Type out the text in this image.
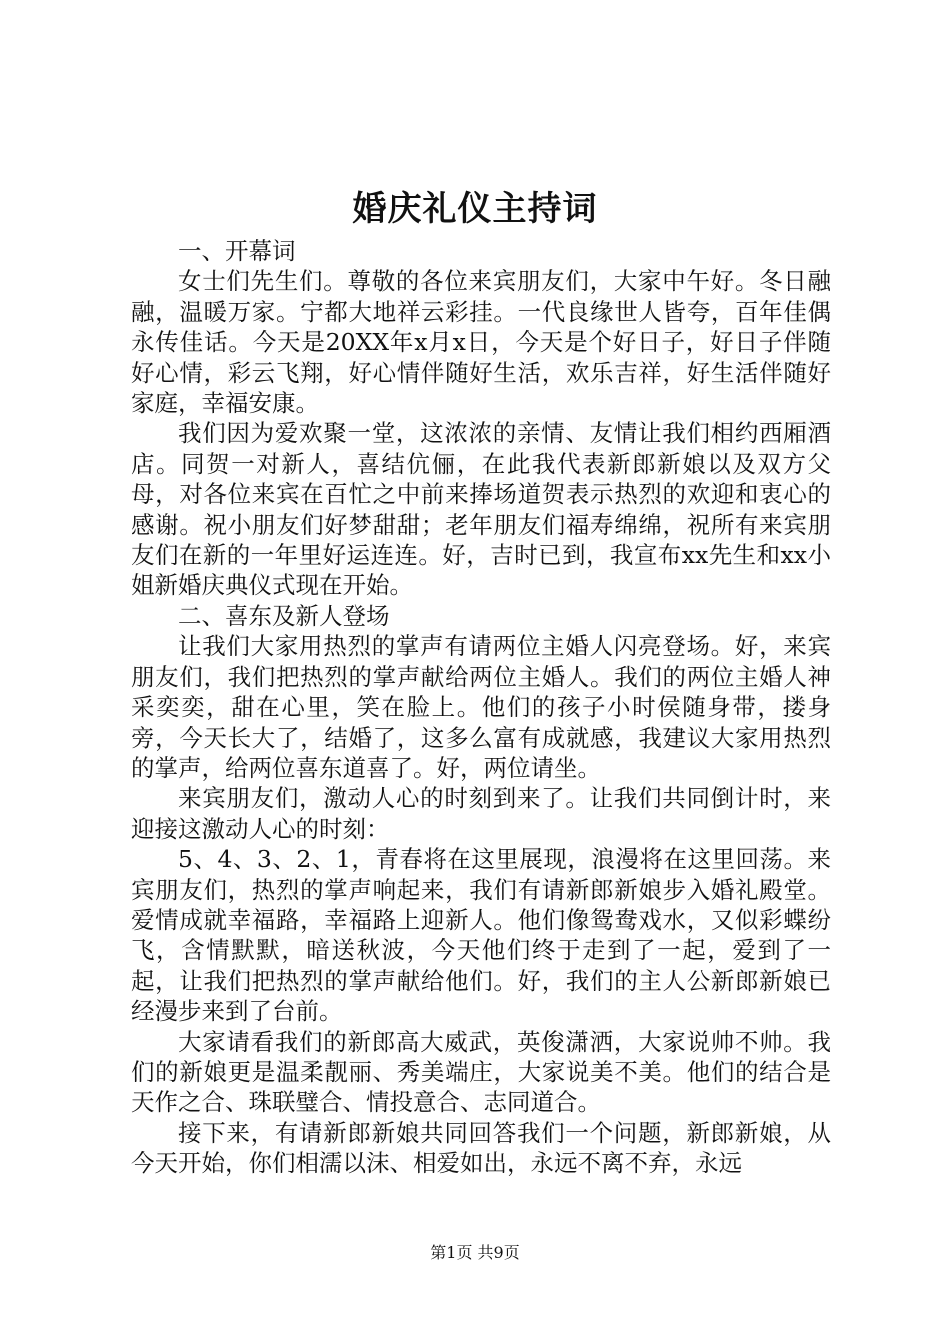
婚庆礼仪主持词

一、开幕词

女士们先生们。尊敬的各位来宾朋友们，大家中午好。冬日融融，温暖万家。宁都大地祥云彩挂。一代良缘世人皆夸，百年佳偶永传佳话。今天是20XX年x月x日，今天是个好日子，好日子伴随好心情，彩云飞翔，好心情伴随好生活，欢乐吉祥，好生活伴随好家庭，幸福安康。

我们因为爱欢聚一堂，这浓浓的亲情、友情让我们相约西厢酒店。同贺一对新人，喜结伉俪，在此我代表新郎新娘以及双方父母，对各位来宾在百忙之中前来捧场道贺表示热烈的欢迎和衷心的感谢。祝小朋友们好梦甜甜；老年朋友们福寿绵绵，祝所有来宾朋友们在新的一年里好运连连。好，吉时已到，我宣布xx先生和xx小姐新婚庆典仪式现在开始。

二、喜东及新人登场

让我们大家用热烈的掌声有请两位主婚人闪亮登场。好，来宾朋友们，我们把热烈的掌声献给两位主婚人。我们的两位主婚人神采奕奕，甜在心里，笑在脸上。他们的孩子小时侯随身带，搂身旁，今天长大了，结婚了，这多么富有成就感，我建议大家用热烈的掌声，给两位喜东道喜了。好，两位请坐。

来宾朋友们，激动人心的时刻到来了。让我们共同倒计时，来迎接这激动人心的时刻：

5、4、3、2、1，青春将在这里展现，浪漫将在这里回荡。来宾朋友们，热烈的掌声响起来，我们有请新郎新娘步入婚礼殿堂。爱情成就幸福路，幸福路上迎新人。他们像鸳鸯戏水，又似彩蝶纷飞，含情默默，暗送秋波，今天他们终于走到了一起，爱到了一起，让我们把热烈的掌声献给他们。好，我们的主人公新郎新娘已经漫步来到了台前。

大家请看我们的新郎高大威武，英俊潇洒，大家说帅不帅。我们的新娘更是温柔靓丽、秀美端庄，大家说美不美。他们的结合是天作之合、珠联璧合、情投意合、志同道合。

接下来，有请新郎新娘共同回答我们一个问题，新郎新娘，从今天开始，你们相濡以沫、相爱如出，永远不离不弃，永远

第1页 共9页
